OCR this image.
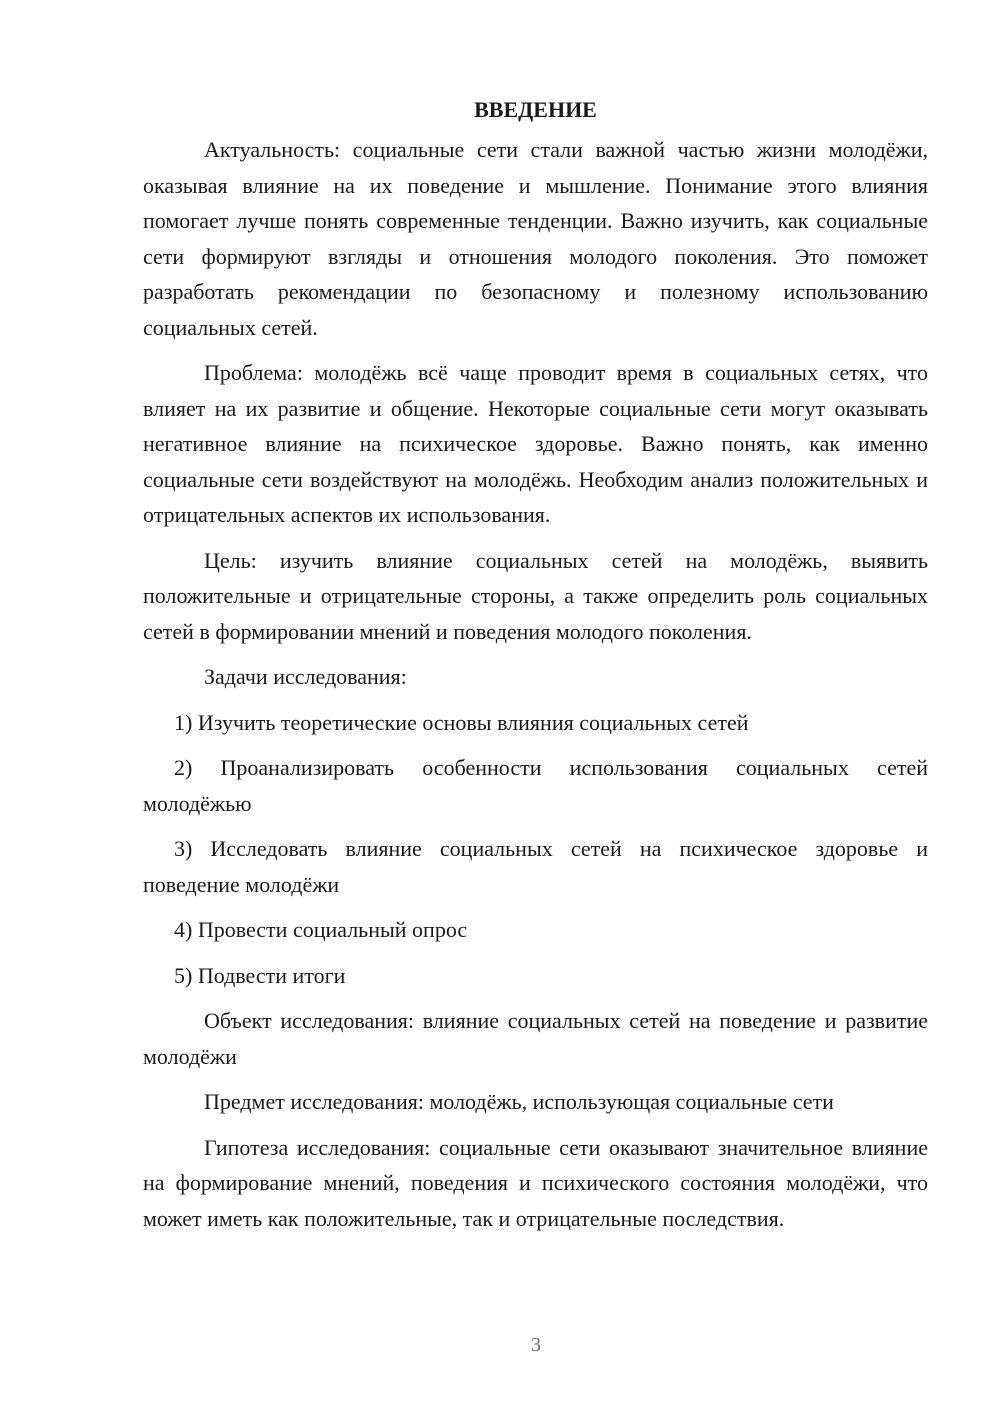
ВВЕДЕНИЕ

Актуальность: социальные сети стали важной частью жизни молодёжи, оказывая влияние на их поведение и мышление. Понимание этого влияния помогает лучше понять современные тенденции. Важно изучить, как социальные сети формируют взгляды и отношения молодого поколения. Это поможет разработать рекомендации по безопасному и полезному использованию социальных сетей.

Проблема: молодёжь всё чаще проводит время в социальных сетях, что влияет на их развитие и общение. Некоторые социальные сети могут оказывать негативное влияние на психическое здоровье. Важно понять, как именно социальные сети воздействуют на молодёжь. Необходим анализ положительных и отрицательных аспектов их использования.

Цель: изучить влияние социальных сетей на молодёжь, выявить положительные и отрицательные стороны, а также определить роль социальных сетей в формировании мнений и поведения молодого поколения.

Задачи исследования:

1) Изучить теоретические основы влияния социальных сетей

2) Проанализировать особенности использования социальных сетей молодёжью

3) Исследовать влияние социальных сетей на психическое здоровье и поведение молодёжи

4) Провести социальный опрос

5) Подвести итоги

Объект исследования: влияние социальных сетей на поведение и развитие молодёжи

Предмет исследования: молодёжь, использующая социальные сети

Гипотеза исследования: социальные сети оказывают значительное влияние на формирование мнений, поведения и психического состояния молодёжи, что может иметь как положительные, так и отрицательные последствия.

3
